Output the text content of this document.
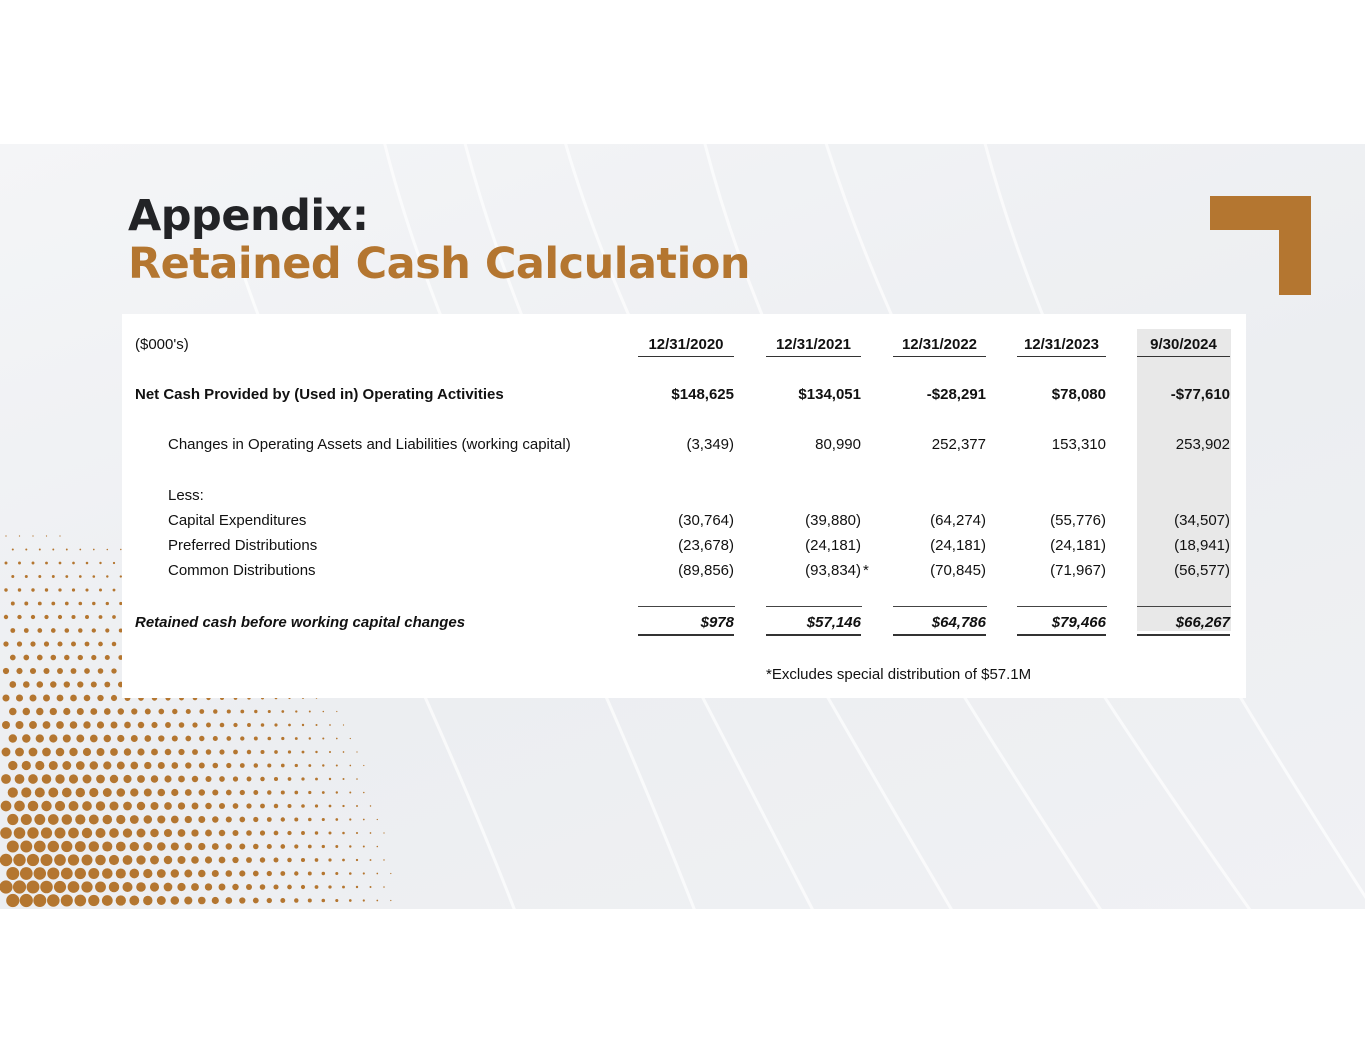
Appendix:
Retained Cash Calculation
($000's)	12/31/2020	12/31/2021	12/31/2022	12/31/2023	9/30/2024
Net Cash Provided by (Used in) Operating Activities	$148,625	$134,051	-$28,291	$78,080	-$77,610
Changes in Operating Assets and Liabilities (working capital)	(3,349)	80,990	252,377	153,310	253,902
Less:
Capital Expenditures	(30,764)	(39,880)	(64,274)	(55,776)	(34,507)
Preferred Distributions	(23,678)	(24,181)	(24,181)	(24,181)	(18,941)
Common Distributions	(89,856)	(93,834) *	(70,845)	(71,967)	(56,577)
Retained cash before working capital changes	$978	$57,146	$64,786	$79,466	$66,267
*Excludes special distribution of $57.1M
